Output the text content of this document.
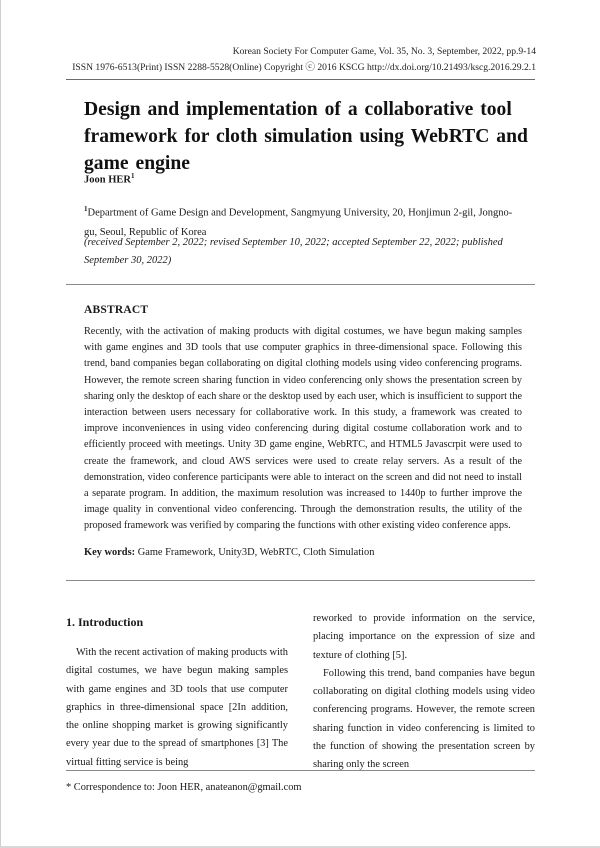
Korean Society For Computer Game, Vol. 35, No. 3, September, 2022, pp.9-14
ISSN 1976-6513(Print) ISSN 2288-5528(Online) Copyright ⓒ 2016 KSCG http://dx.doi.org/10.21493/kscg.2016.29.2.1
Design and implementation of a collaborative tool framework for cloth simulation using WebRTC and game engine
Joon HER$^1$
$^1$Department of Game Design and Development, Sangmyung University, 20, Honjimun 2-gil, Jongno-gu, Seoul, Republic of Korea
(received September 2, 2022; revised September 10, 2022; accepted September 22, 2022; published September 30, 2022)
ABSTRACT

Recently, with the activation of making products with digital costumes, we have begun making samples with game engines and 3D tools that use computer graphics in three-dimensional space. Following this trend, band companies began collaborating on digital clothing models using video conferencing programs. However, the remote screen sharing function in video conferencing only shows the presentation screen by sharing only the desktop of each share or the desktop used by each user, which is insufficient to support the interaction between users necessary for collaborative work. In this study, a framework was created to improve inconveniences in using video conferencing during digital costume collaboration work and to efficiently proceed with meetings. Unity 3D game engine, WebRTC, and HTML5 Javascrpit were used to create the framework, and cloud AWS services were used to create relay servers. As a result of the demonstration, video conference participants were able to interact on the screen and did not need to install a separate program. In addition, the maximum resolution was increased to 1440p to further improve the image quality in conventional video conferencing. Through the demonstration results, the utility of the proposed framework was verified by comparing the functions with other existing video conference apps.

Key words: Game Framework, Unity3D, WebRTC, Cloth Simulation
1. Introduction

With the recent activation of making products with digital costumes, we have begun making samples with game engines and 3D tools that use computer graphics in three-dimensional space [2In addition, the online shopping market is growing significantly every year due to the spread of smartphones [3] The virtual fitting service is being

reworked to provide information on the service, placing importance on the expression of size and texture of clothing [5].

Following this trend, band companies have begun collaborating on digital clothing models using video conferencing programs. However, the remote screen sharing function in video conferencing is limited to the function of showing the presentation screen by sharing only the screen

* Correspondence to: Joon HER, anateanon@gmail.com
